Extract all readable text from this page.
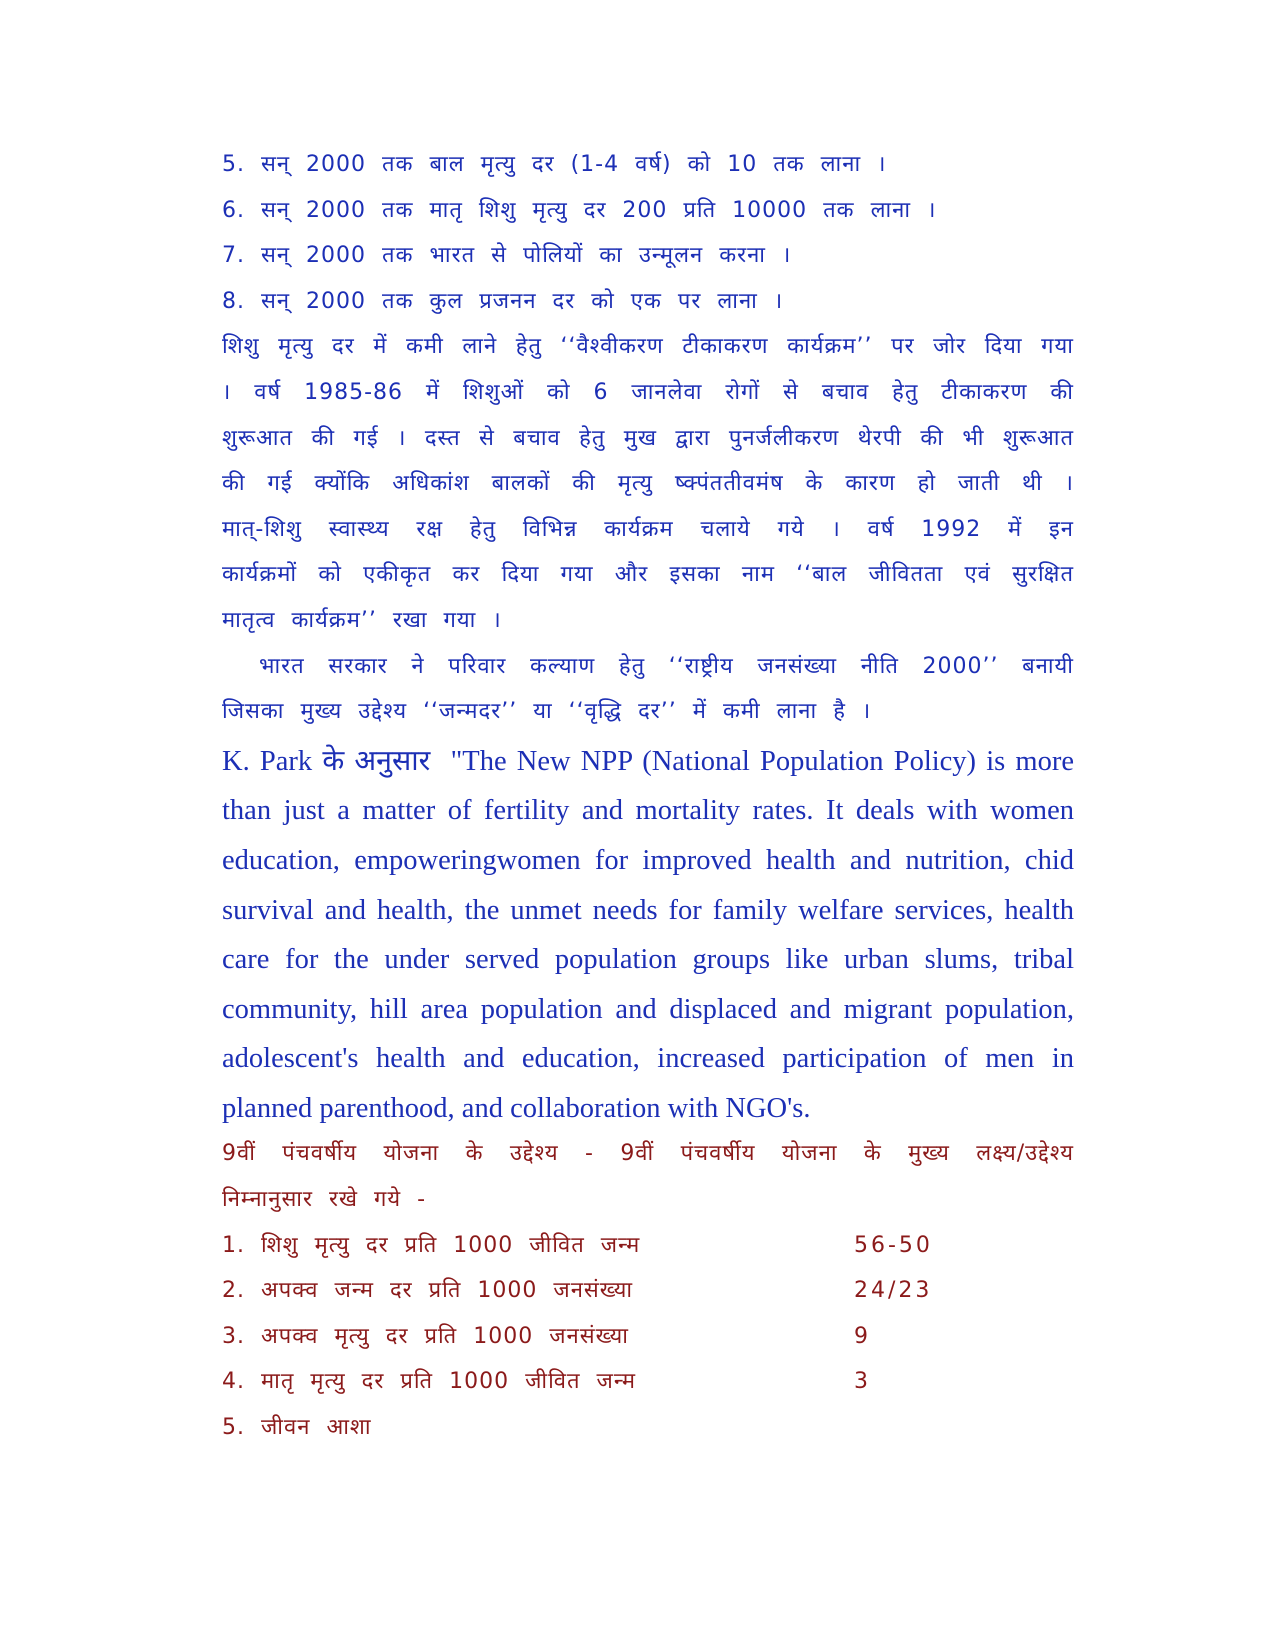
5. सन् 2000 तक बाल मृत्यु दर (1-4 वर्ष) को 10 तक लाना ।

6. सन् 2000 तक मातृ शिशु मृत्यु दर 200 प्रति 10000 तक लाना ।

7. सन् 2000 तक भारत से पोलियों का उन्मूलन करना ।

8. सन् 2000 तक कुल प्रजनन दर को एक पर लाना ।

शिशु मृत्यु दर में कमी लाने हेतु ‘‘वैश्वीकरण टीकाकरण कार्यक्रम’’ पर जोर दिया गया

। वर्ष 1985-86 में शिशुओं को 6 जानलेवा रोगों से बचाव हेतु टीकाकरण की

शुरूआत की गई । दस्त से बचाव हेतु मुख द्वारा पुनर्जलीकरण थेरपी की भी शुरूआत

की गई क्योंकि अधिकांश बालकों की मृत्यु ष्क्पंततीवमंष के कारण हो जाती थी ।

मात्-शिशु स्वास्थ्य रक्ष हेतु विभिन्न कार्यक्रम चलाये गये । वर्ष 1992 में इन

कार्यक्रमों को एकीकृत कर दिया गया और इसका नाम ‘‘बाल जीवितता एवं सुरक्षित

मातृत्व कार्यक्रम’’ रखा गया ।

भारत सरकार ने परिवार कल्याण हेतु ‘‘राष्ट्रीय जनसंख्या नीति 2000’’ बनायी

जिसका मुख्य उद्देश्य ‘‘जन्मदर’’ या ‘‘वृद्धि दर’’ में कमी लाना है ।

K. Park के अनुसार "The New NPP (National Population Policy) is more

than just a matter of fertility and mortality rates. It deals with women

education, empoweringwomen for improved health and nutrition, chid

survival and health, the unmet needs for family welfare services, health

care for the under served population groups like urban slums, tribal

community, hill area population and displaced and migrant population,

adolescent's health and education, increased participation of men in

planned parenthood, and collaboration with NGO's.

9वीं पंचवर्षीय योजना के उद्देश्य - 9वीं पंचवर्षीय योजना के मुख्य लक्ष्य/उद्देश्य

निम्नानुसार रखे गये -

1. शिशु मृत्यु दर प्रति 1000 जीवित जन्म	56-50
2. अपक्व जन्म दर प्रति 1000 जनसंख्या	24/23
3. अपक्व मृत्यु दर प्रति 1000 जनसंख्या	9
4. मातृ मृत्यु दर प्रति 1000 जीवित जन्म	3
5. जीवन आशा
